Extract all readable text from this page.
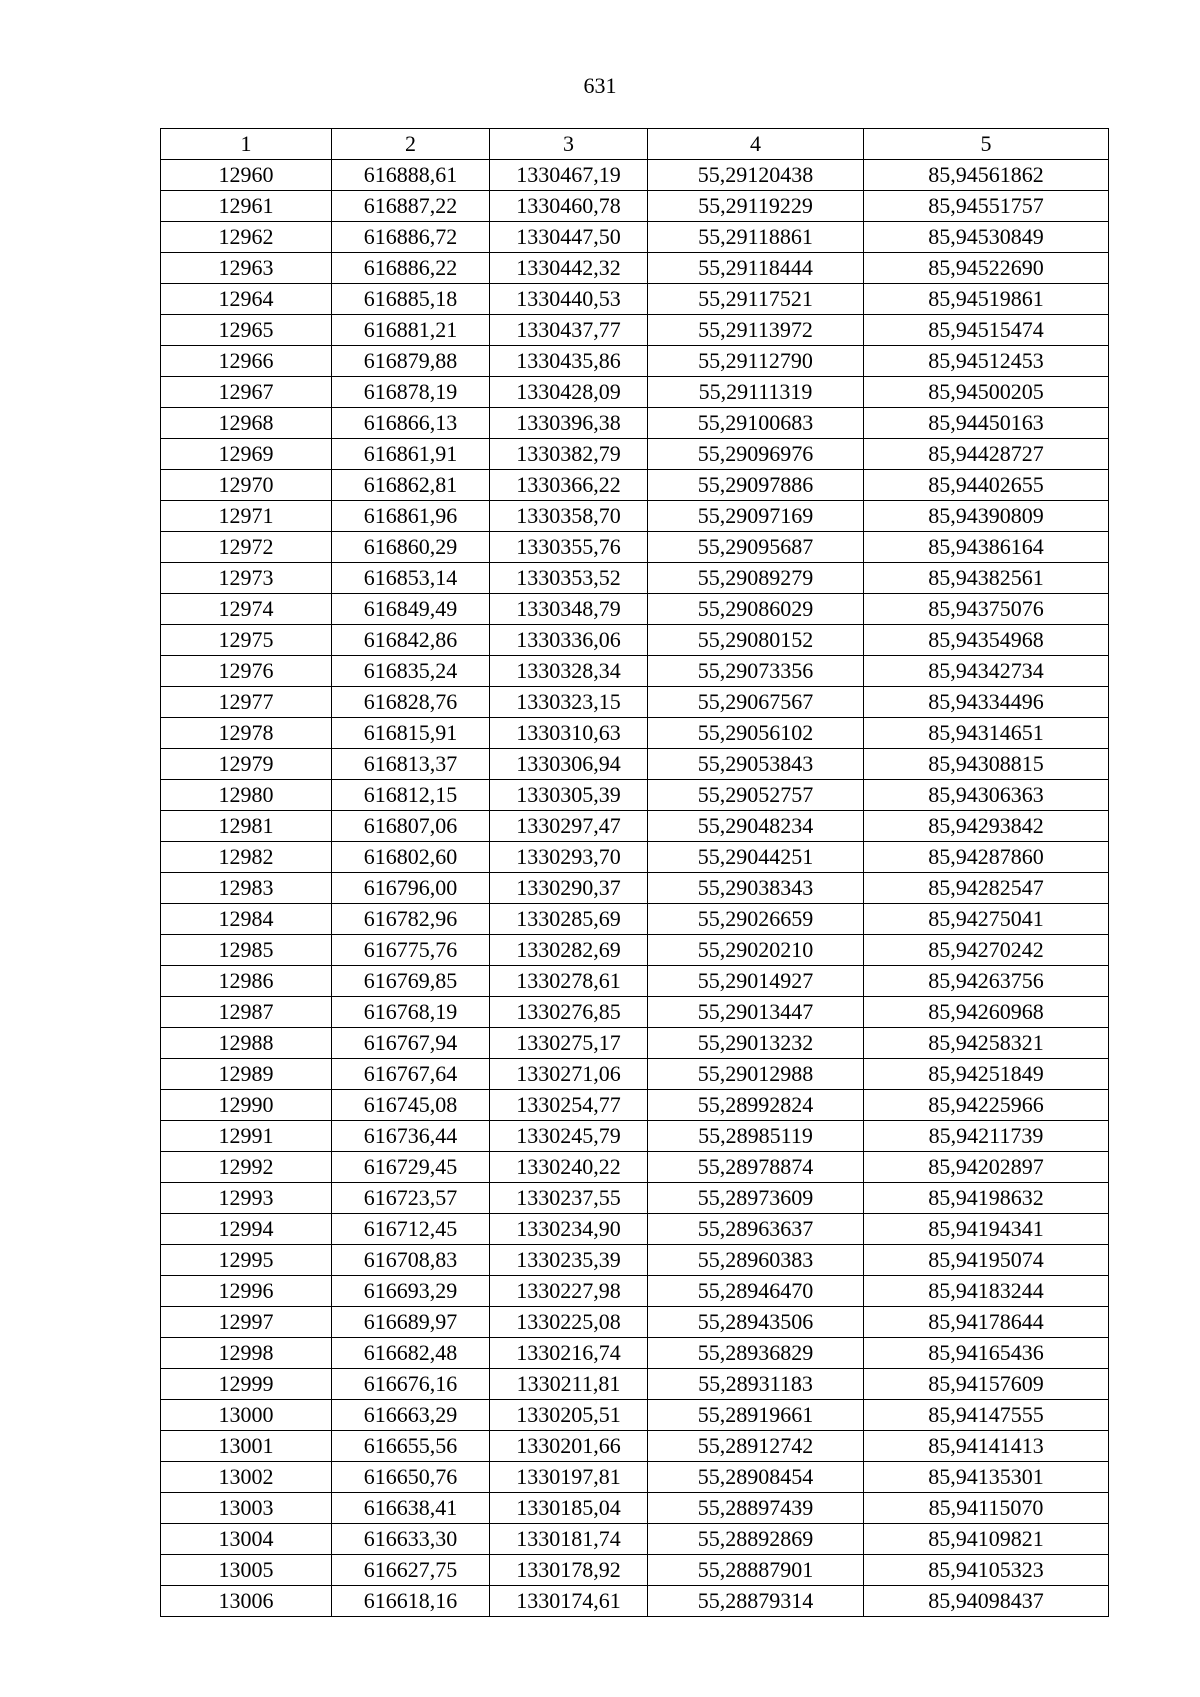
631
1	2	3	4	5
12960	616888,61	1330467,19	55,29120438	85,94561862
12961	616887,22	1330460,78	55,29119229	85,94551757
12962	616886,72	1330447,50	55,29118861	85,94530849
12963	616886,22	1330442,32	55,29118444	85,94522690
12964	616885,18	1330440,53	55,29117521	85,94519861
12965	616881,21	1330437,77	55,29113972	85,94515474
12966	616879,88	1330435,86	55,29112790	85,94512453
12967	616878,19	1330428,09	55,29111319	85,94500205
12968	616866,13	1330396,38	55,29100683	85,94450163
12969	616861,91	1330382,79	55,29096976	85,94428727
12970	616862,81	1330366,22	55,29097886	85,94402655
12971	616861,96	1330358,70	55,29097169	85,94390809
12972	616860,29	1330355,76	55,29095687	85,94386164
12973	616853,14	1330353,52	55,29089279	85,94382561
12974	616849,49	1330348,79	55,29086029	85,94375076
12975	616842,86	1330336,06	55,29080152	85,94354968
12976	616835,24	1330328,34	55,29073356	85,94342734
12977	616828,76	1330323,15	55,29067567	85,94334496
12978	616815,91	1330310,63	55,29056102	85,94314651
12979	616813,37	1330306,94	55,29053843	85,94308815
12980	616812,15	1330305,39	55,29052757	85,94306363
12981	616807,06	1330297,47	55,29048234	85,94293842
12982	616802,60	1330293,70	55,29044251	85,94287860
12983	616796,00	1330290,37	55,29038343	85,94282547
12984	616782,96	1330285,69	55,29026659	85,94275041
12985	616775,76	1330282,69	55,29020210	85,94270242
12986	616769,85	1330278,61	55,29014927	85,94263756
12987	616768,19	1330276,85	55,29013447	85,94260968
12988	616767,94	1330275,17	55,29013232	85,94258321
12989	616767,64	1330271,06	55,29012988	85,94251849
12990	616745,08	1330254,77	55,28992824	85,94225966
12991	616736,44	1330245,79	55,28985119	85,94211739
12992	616729,45	1330240,22	55,28978874	85,94202897
12993	616723,57	1330237,55	55,28973609	85,94198632
12994	616712,45	1330234,90	55,28963637	85,94194341
12995	616708,83	1330235,39	55,28960383	85,94195074
12996	616693,29	1330227,98	55,28946470	85,94183244
12997	616689,97	1330225,08	55,28943506	85,94178644
12998	616682,48	1330216,74	55,28936829	85,94165436
12999	616676,16	1330211,81	55,28931183	85,94157609
13000	616663,29	1330205,51	55,28919661	85,94147555
13001	616655,56	1330201,66	55,28912742	85,94141413
13002	616650,76	1330197,81	55,28908454	85,94135301
13003	616638,41	1330185,04	55,28897439	85,94115070
13004	616633,30	1330181,74	55,28892869	85,94109821
13005	616627,75	1330178,92	55,28887901	85,94105323
13006	616618,16	1330174,61	55,28879314	85,94098437
